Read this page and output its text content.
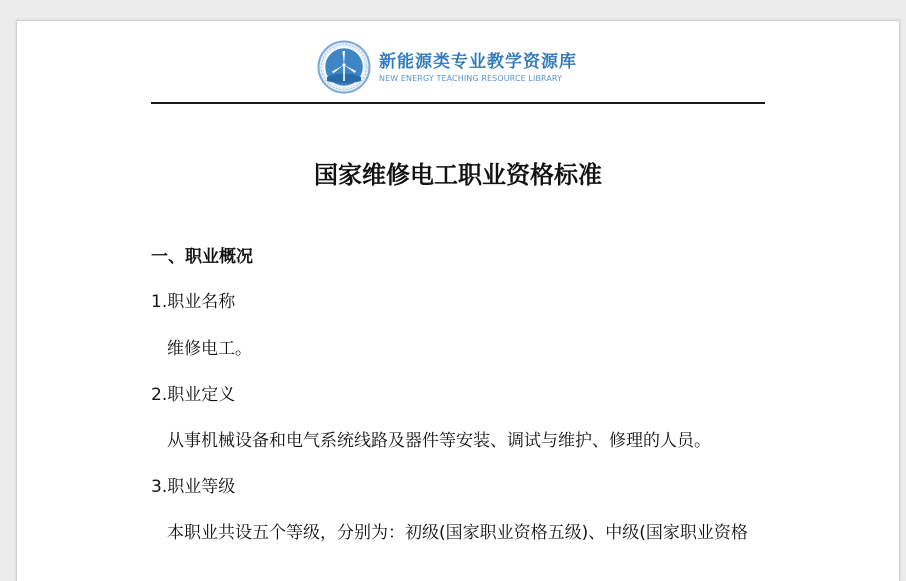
新能源类专业教学资源库
NEW ENERGY TEACHING RESOURCE LIBRARY
国家维修电工职业资格标准
一、职业概况
1.职业名称
维修电工。
2.职业定义
从事机械设备和电气系统线路及器件等安装、调试与维护、修理的人员。
3.职业等级
本职业共设五个等级，分别为：初级(国家职业资格五级)、中级(国家职业资格
